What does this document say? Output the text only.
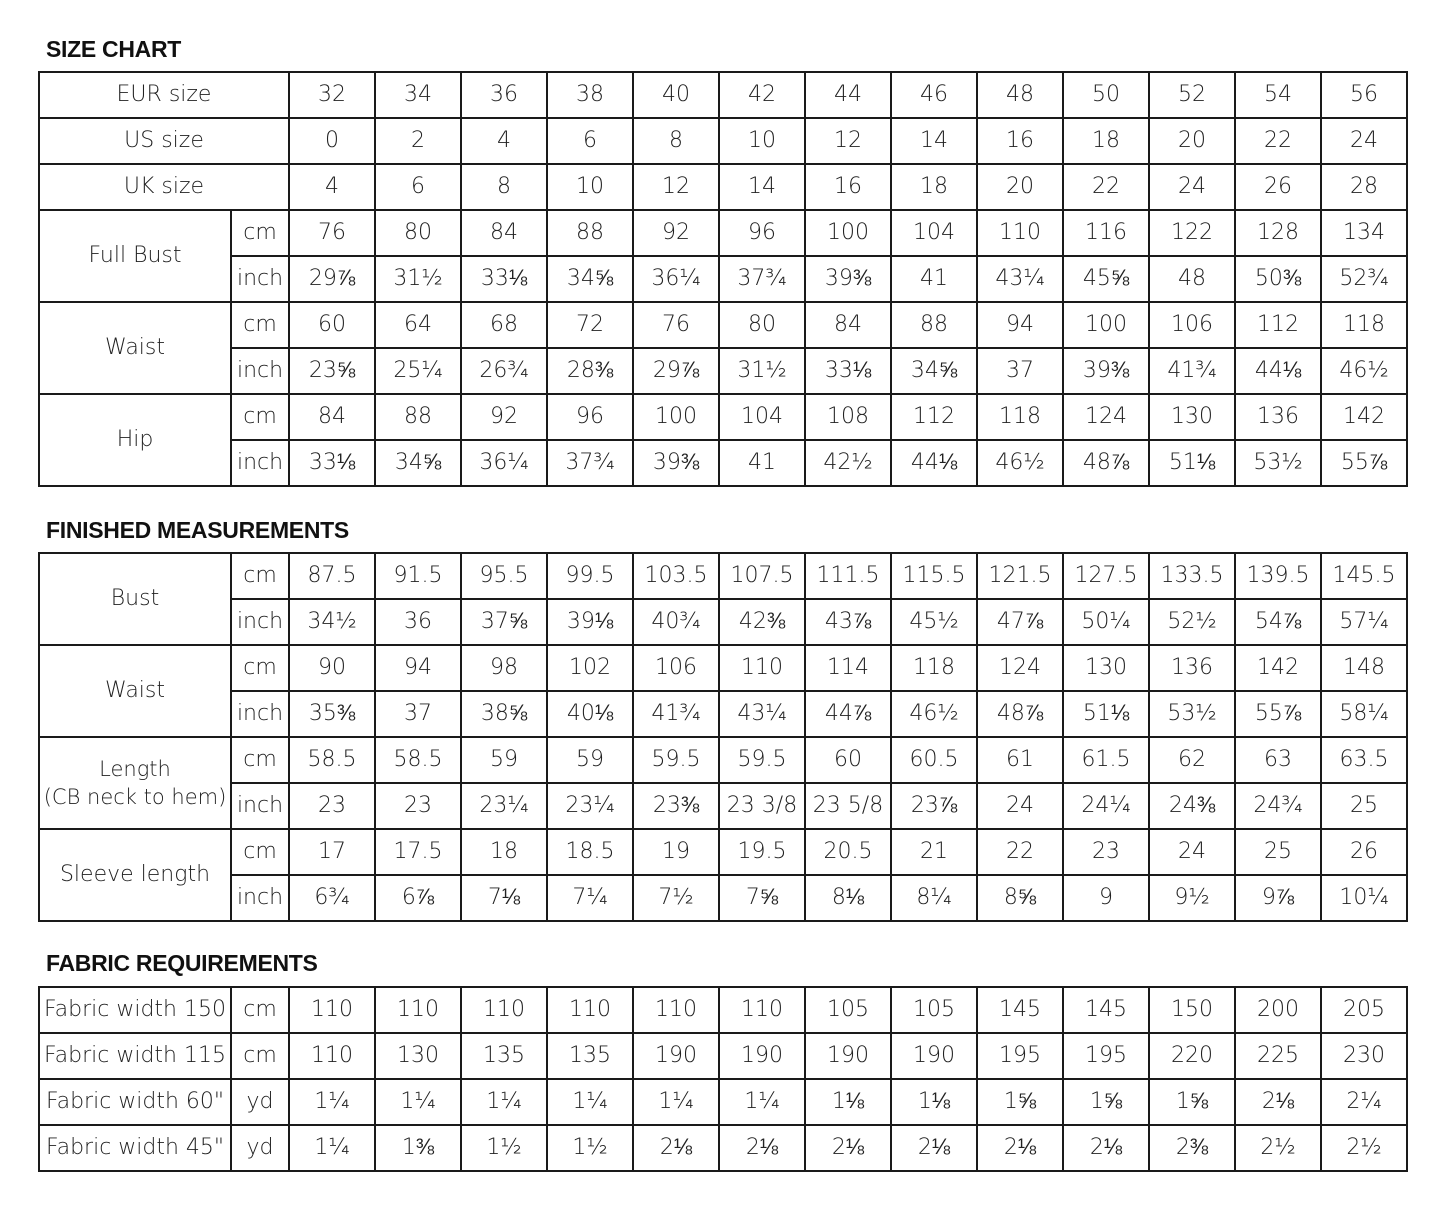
SIZE CHART
EUR size		32	34	36	38	40	42	44	46	48	50	52	54	56
US size		0	2	4	6	8	10	12	14	16	18	20	22	24
UK size		4	6	8	10	12	14	16	18	20	22	24	26	28
Full Bust	cm	76	80	84	88	92	96	100	104	110	116	122	128	134
	inch	29⅞	31½	33⅛	34⅝	36¼	37¾	39⅜	41	43¼	45⅝	48	50⅜	52¾
Waist	cm	60	64	68	72	76	80	84	88	94	100	106	112	118
	inch	23⅝	25¼	26¾	28⅜	29⅞	31½	33⅛	34⅝	37	39⅜	41¾	44⅛	46½
Hip	cm	84	88	92	96	100	104	108	112	118	124	130	136	142
	inch	33⅛	34⅝	36¼	37¾	39⅜	41	42½	44⅛	46½	48⅞	51⅛	53½	55⅞
FINISHED MEASUREMENTS
Bust	cm	87.5	91.5	95.5	99.5	103.5	107.5	111.5	115.5	121.5	127.5	133.5	139.5	145.5
	inch	34½	36	37⅝	39⅛	40¾	42⅜	43⅞	45½	47⅞	50¼	52½	54⅞	57¼
Waist	cm	90	94	98	102	106	110	114	118	124	130	136	142	148
	inch	35⅜	37	38⅝	40⅛	41¾	43¼	44⅞	46½	48⅞	51⅛	53½	55⅞	58¼
Length
(CB neck to hem)	cm	58.5	58.5	59	59	59.5	59.5	60	60.5	61	61.5	62	63	63.5
	inch	23	23	23¼	23¼	23⅜	23 3/8	23 5/8	23⅞	24	24¼	24⅜	24¾	25
Sleeve length	cm	17	17.5	18	18.5	19	19.5	20.5	21	22	23	24	25	26
	inch	6¾	6⅞	7⅛	7¼	7½	7⅝	8⅛	8¼	8⅝	9	9½	9⅞	10¼
FABRIC REQUIREMENTS
Fabric width 150	cm	110	110	110	110	110	110	105	105	145	145	150	200	205
Fabric width 115	cm	110	130	135	135	190	190	190	190	195	195	220	225	230
Fabric width 60"	yd	1¼	1¼	1¼	1¼	1¼	1¼	1⅛	1⅛	1⅝	1⅝	1⅝	2⅛	2¼
Fabric width 45"	yd	1¼	1⅜	1½	1½	2⅛	2⅛	2⅛	2⅛	2⅛	2⅛	2⅜	2½	2½
